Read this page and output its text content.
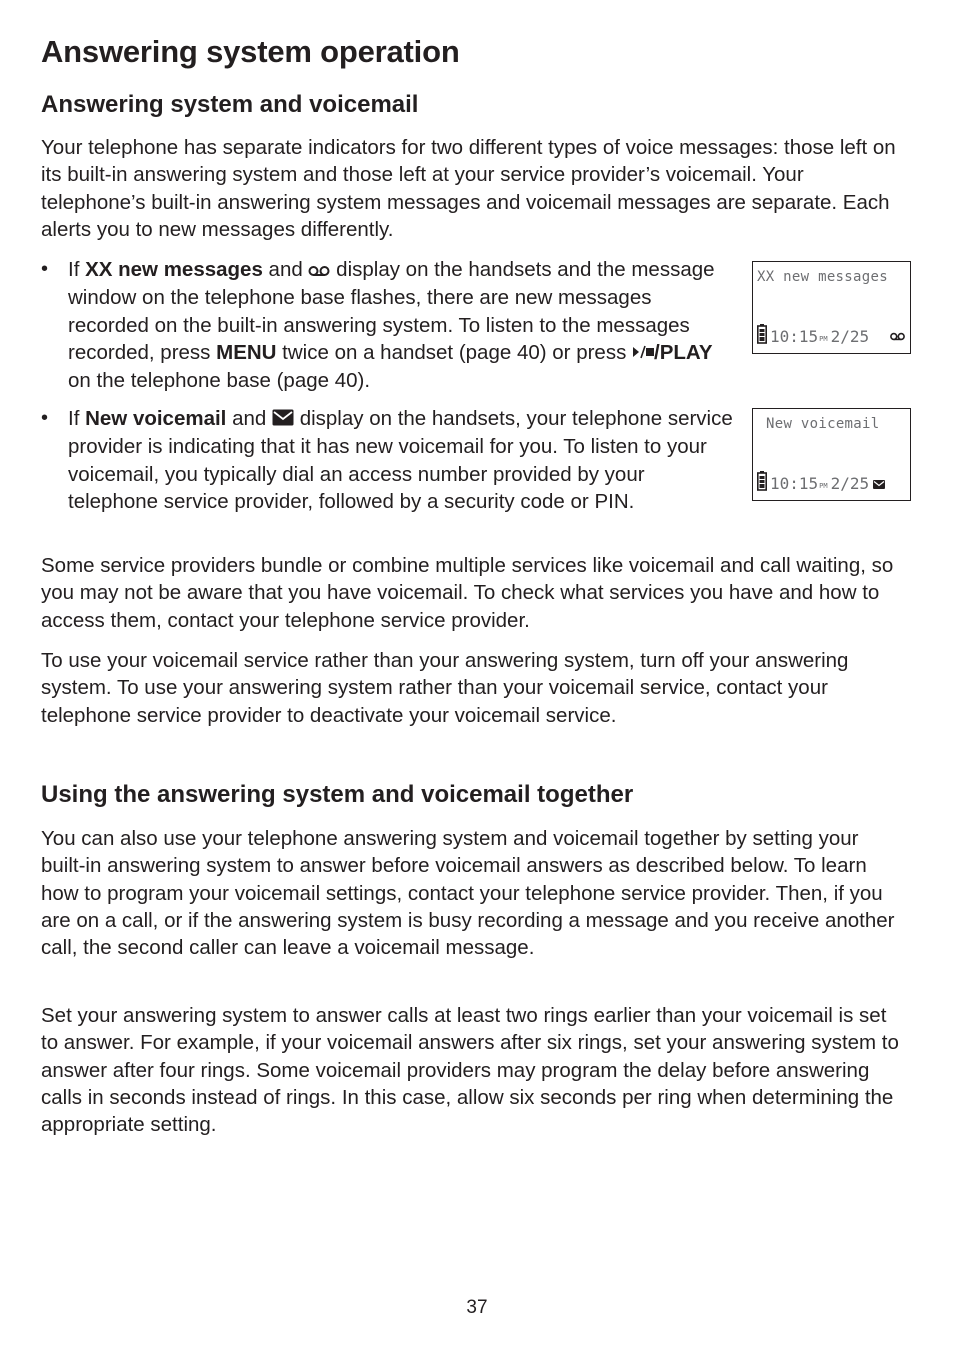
Answering system operation
Answering system and voicemail

Your telephone has separate indicators for two different types of voice messages: those left on its built-in answering system and those left at your service provider’s voicemail. Your telephone’s built-in answering system messages and voicemail messages are separate. Each alerts you to new messages differently.

• If XX new messages and  display on the handsets and the message window on the telephone base flashes, there are new messages recorded on the built-in answering system. To listen to the messages recorded, press MENU twice on a handset (page 40) or press /PLAY on the telephone base (page 40).
• If New voicemail and  display on the handsets, your telephone service provider is indicating that it has new voicemail for you. To listen to your voicemail, you typically dial an access number provided by your telephone service provider, followed by a security code or PIN.

Some service providers bundle or combine multiple services like voicemail and call waiting, so you may not be aware that you have voicemail. To check what services you have and how to access them, contact your telephone service provider.

To use your voicemail service rather than your answering system, turn off your answering system. To use your answering system rather than your voicemail service, contact your telephone service provider to deactivate your voicemail service.

Using the answering system and voicemail together

You can also use your telephone answering system and voicemail together by setting your built-in answering system to answer before voicemail answers as described below. To learn how to program your voicemail settings, contact your telephone service provider. Then, if you are on a call, or if the answering system is busy recording a message and you receive another call, the second caller can leave a voicemail message.

Set your answering system to answer calls at least two rings earlier than your voicemail is set to answer. For example, if your voicemail answers after six rings, set your answering system to answer after four rings. Some voicemail providers may program the delay before answering calls in seconds instead of rings. In this case, allow six seconds per ring when determining the appropriate setting.

XX new messages
10:15 PM 2/25
New voicemail
10:15 PM 2/25
37
